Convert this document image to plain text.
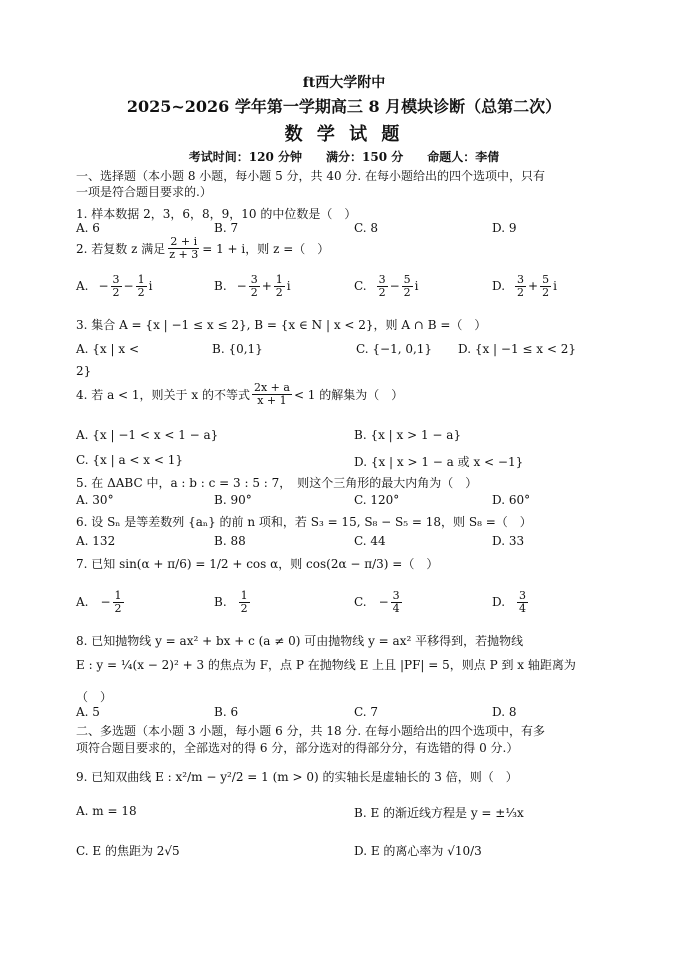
ft西大学附中
2025~2026 学年第一学期高三 8 月模块诊断（总第二次）
数 学 试 题
考试时间：120 分钟　　满分：150 分　　命题人：李倩
一、选择题（本小题 8 小题，每小题 5 分，共 40 分. 在每小题给出的四个选项中，只有
一项是符合题目要求的.）
1. 样本数据 2，3，6，8，9，10 的中位数是（　）
A. 6	B. 7	C. 8	D. 9
2. 若复数 z 满足 $\frac{2 + i}{z + 3} = 1 + i$，则 z =（　）
A. − $\frac{3}{2} - \frac{1}{2}$ i	B. − $\frac{3}{2} + \frac{1}{2}$ i	C. $\frac{3}{2} - \frac{5}{2}$ i	D. $\frac{3}{2} + \frac{5}{2}$ i
3. 集合 A = {x | −1 ≤ x ≤ 2}, B = {x ∈ N | x < 2}，则 A ∩ B =（　）
A. {x | x <
2}
B. {0,1}	C. {−1, 0,1} D. {x | −1 ≤ x < 2}
4. 若 a < 1，则关于 x 的不等式 $\frac{2x + a}{x + 1} < 1$ 的解集为（　）
A. {x | −1 < x < 1 − a}	B. {x | x > 1 − a}
C. {x | a < x < 1}	D. {x | x > 1 − a 或 x < −1}
5. 在 ΔABC 中，a : b : c = 3 : 5 : 7，　则这个三角形的最大内角为（　）
A. 30°	B. 90°	C. 120°	D. 60°
6. 设 Sₙ 是等差数列 {aₙ} 的前 n 项和，若 S₃ = 15, S₈ − S₅ = 18，则 S₈ =（　）
A. 132	B. 88	C. 44	D. 33
7. 已知 sin(α + π/6) = 1/2 + cos α，则 cos(2α − π/3) =（　）
A. − $\frac{1}{2}$	B. $\frac{1}{2}$	C. − $\frac{3}{4}$	D. $\frac{3}{4}$
8. 已知抛物线 y = ax² + bx + c (a ≠ 0) 可由抛物线 y = ax² 平移得到，若抛物线
E : y = ¼(x − 2)² + 3 的焦点为 F，点 P 在抛物线 E 上且 |PF| = 5，则点 P 到 x 轴距离为
（　）
A. 5	B. 6	C. 7	D. 8
二、多选题（本小题 3 小题，每小题 6 分，共 18 分. 在每小题给出的四个选项中，有多
项符合题目要求的，全部选对的得 6 分，部分选对的得部分分，有选错的得 0 分.）
9. 已知双曲线 E : x²/m − y²/2 = 1 (m > 0) 的实轴长是虚轴长的 3 倍，则（　）
A. m = 18	B. E 的渐近线方程是 y = ±⅓x
C. E 的焦距为 2√5	D. E 的离心率为 √10/3
